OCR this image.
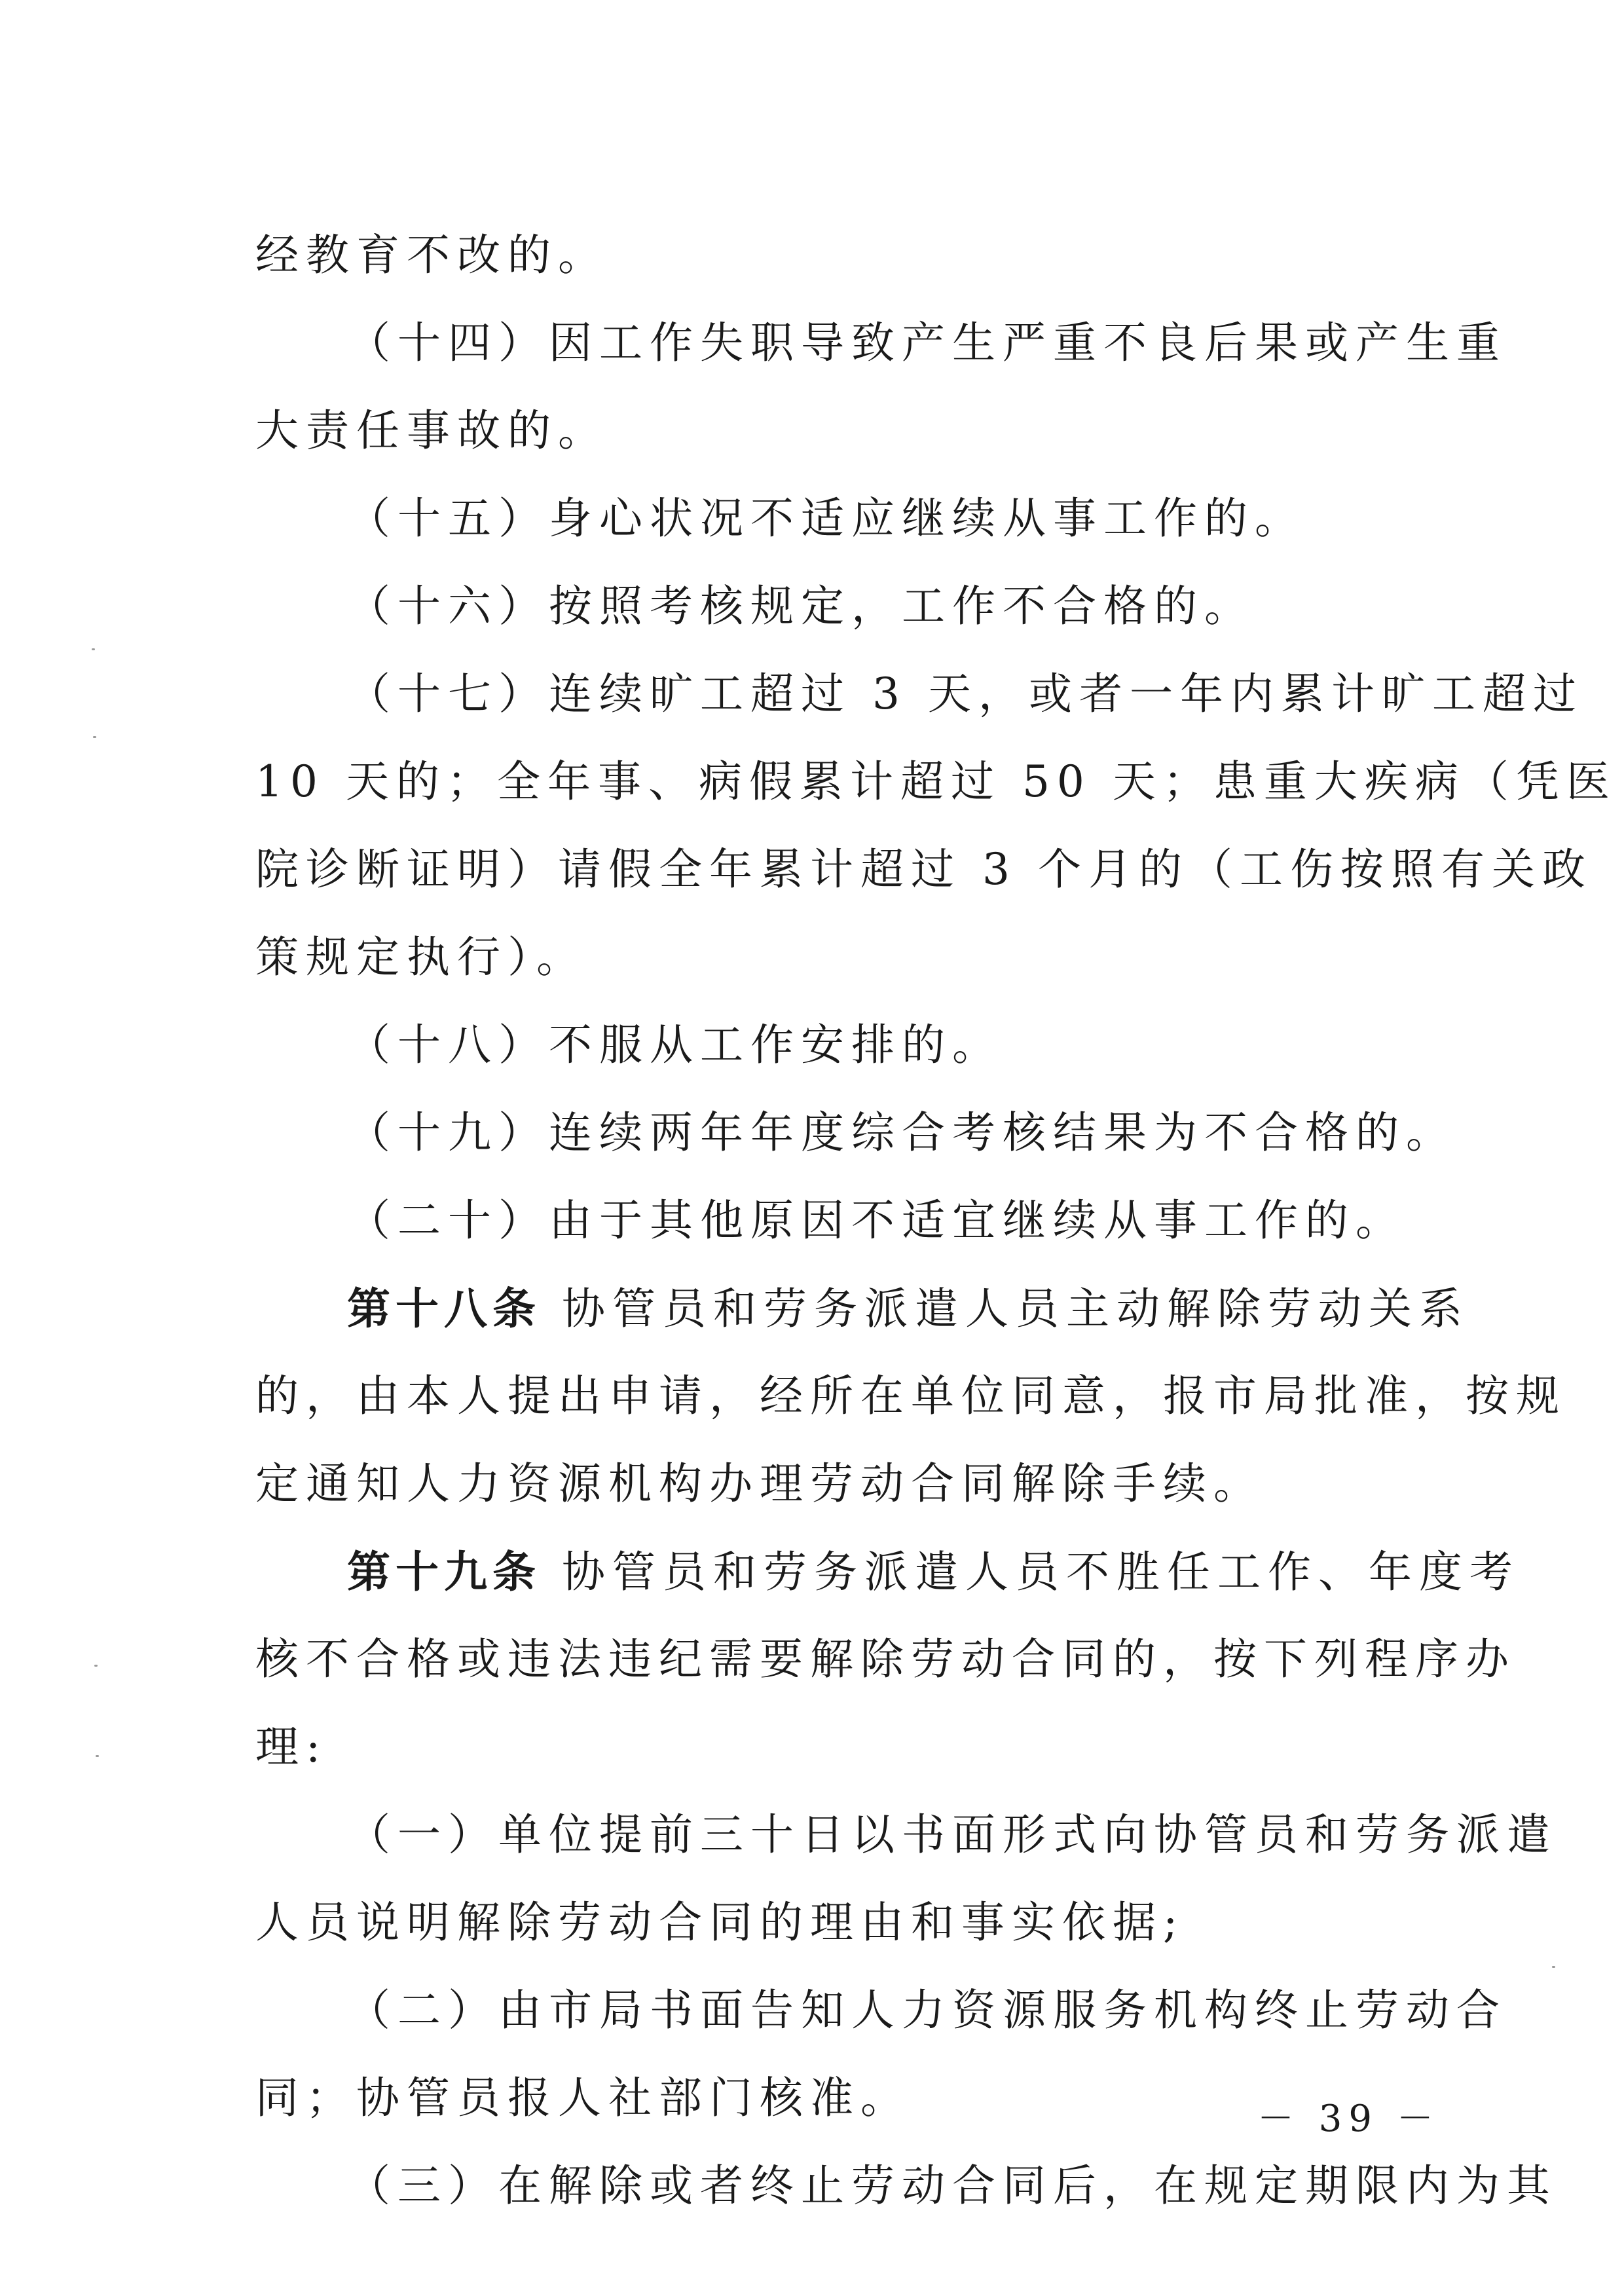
经教育不改的。
（十四）因工作失职导致产生严重不良后果或产生重
大责任事故的。
（十五）身心状况不适应继续从事工作的。
（十六）按照考核规定，工作不合格的。
（十七）连续旷工超过 3 天，或者一年内累计旷工超过
10 天的；全年事、病假累计超过 50 天；患重大疾病（凭医
院诊断证明）请假全年累计超过 3 个月的（工伤按照有关政
策规定执行）。
（十八）不服从工作安排的。
（十九）连续两年年度综合考核结果为不合格的。
（二十）由于其他原因不适宜继续从事工作的。
第十八条 协管员和劳务派遣人员主动解除劳动关系
的，由本人提出申请，经所在单位同意，报市局批准，按规
定通知人力资源机构办理劳动合同解除手续。
第十九条 协管员和劳务派遣人员不胜任工作、年度考
核不合格或违法违纪需要解除劳动合同的，按下列程序办
理:
（一）单位提前三十日以书面形式向协管员和劳务派遣
人员说明解除劳动合同的理由和事实依据;
（二）由市局书面告知人力资源服务机构终止劳动合
同；协管员报人社部门核准。
（三）在解除或者终止劳动合同后，在规定期限内为其
－ 39 －
